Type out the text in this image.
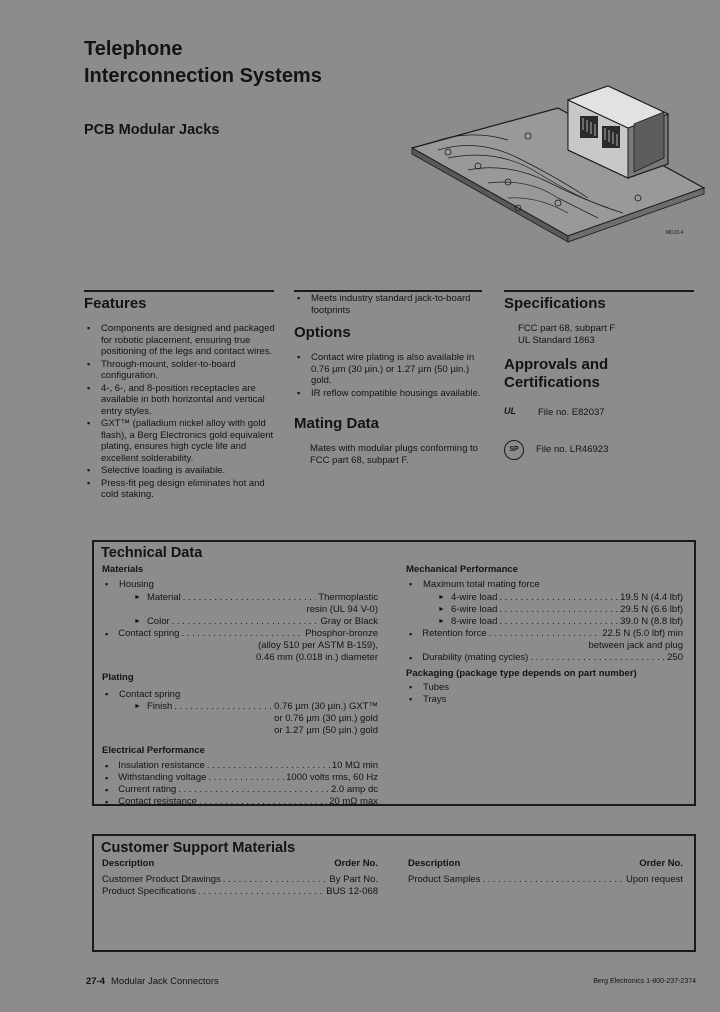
Telephone
Interconnection Systems
PCB Modular Jacks
MDJ3-4
Features
▪ Components are designed and packaged for robotic placement, ensuring true positioning of the legs and contact wires.
▪ Through-mount, solder-to-board configuration.
▪ 4-, 6-, and 8-position receptacles are available in both horizontal and vertical entry styles.
▪ GXT™ (palladium nickel alloy with gold flash), a Berg Electronics gold equivalent plating, ensures high cycle life and excellent solderability.
▪ Selective loading is available.
▪ Press-fit peg design eliminates hot and cold staking.
▪ Meets industry standard jack-to-board footprints
Options
▪ Contact wire plating is also available in 0.76 µm (30 µin.) or 1.27 µm (50 µin.) gold.
▪ IR reflow compatible housings available.
Mating Data
Mates with modular plugs conforming to FCC part 68, subpart F.
Specifications
FCC part 68, subpart F
UL Standard 1863
Approvals and
Certifications
UL	File no. E82037
SP	File no. LR46923
Technical Data
Materials
▪ Housing
► Material . . .	Thermoplastic
resin (UL 94 V-0)
► Color . . .	Gray or Black
▪ Contact spring . . .	Phosphor-bronze
(alloy 510 per ASTM B-159),
0.46 mm (0.018 in.) diameter
Plating
▪ Contact spring
► Finish . . .	0.76 µm (30 µin.) GXT™
or 0.76 µm (30 µin.) gold
or 1.27 µm (50 µin.) gold
Electrical Performance
▪ Insulation resistance . . .	10 MΩ min
▪ Withstanding voltage . . .	1000 volts rms, 60 Hz
▪ Current rating . . .	2.0 amp dc
▪ Contact resistance . . .	20 mΩ max
Mechanical Performance
▪ Maximum total mating force
► 4-wire load . . .	19.5 N (4.4 lbf)
► 6-wire load . . .	29.5 N (6.6 lbf)
► 8-wire load . . .	39.0 N (8.8 lbf)
▪ Retention force . . .	22.5 N (5.0 lbf) min
between jack and plug
▪ Durability (mating cycles) . . .	250
Packaging (package type depends on part number)
▪ Tubes
▪ Trays
Customer Support Materials
Description	Order No.
Customer Product Drawings . . .	By Part No.
Product Specifications . . .	BUS 12-068
Description	Order No.
Product Samples . . .	Upon request
27-4 Modular Jack Connectors	Berg Electronics 1-800-237-2374
